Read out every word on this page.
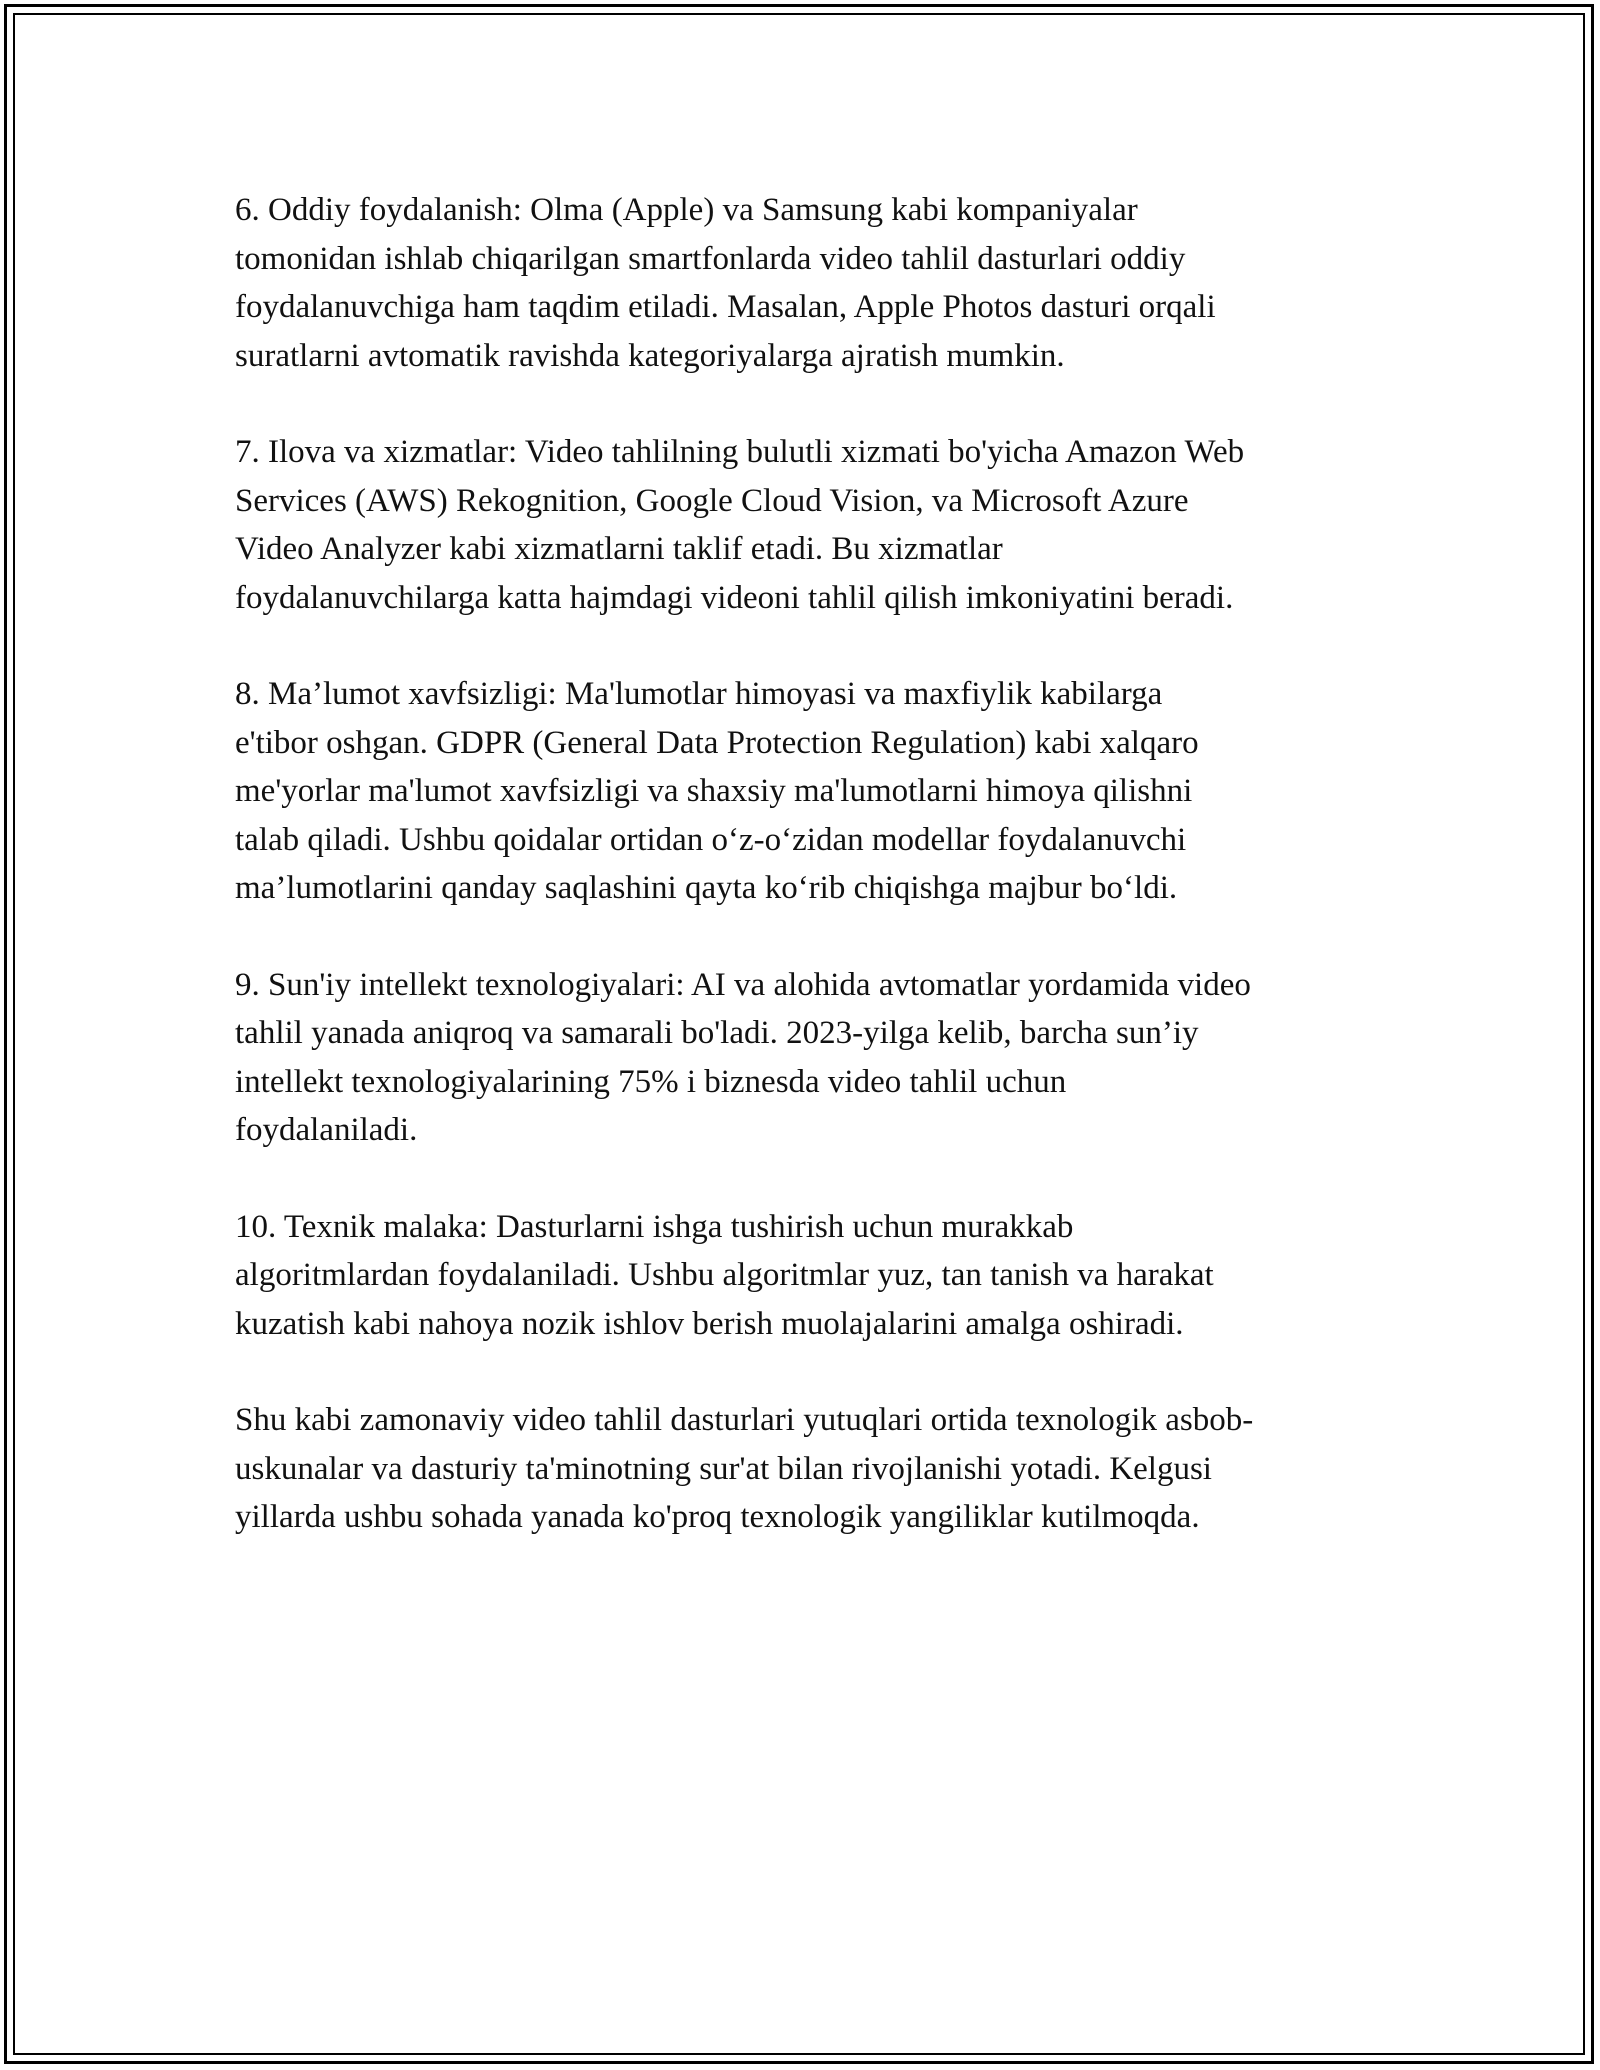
6. Oddiy foydalanish: Olma (Apple) va Samsung kabi kompaniyalar
tomonidan ishlab chiqarilgan smartfonlarda video tahlil dasturlari oddiy
foydalanuvchiga ham taqdim etiladi. Masalan, Apple Photos dasturi orqali
suratlarni avtomatik ravishda kategoriyalarga ajratish mumkin.

7. Ilova va xizmatlar: Video tahlilning bulutli xizmati bo'yicha Amazon Web
Services (AWS) Rekognition, Google Cloud Vision, va Microsoft Azure
Video Analyzer kabi xizmatlarni taklif etadi. Bu xizmatlar
foydalanuvchilarga katta hajmdagi videoni tahlil qilish imkoniyatini beradi.

8. Ma’lumot xavfsizligi: Ma'lumotlar himoyasi va maxfiylik kabilarga
e'tibor oshgan. GDPR (General Data Protection Regulation) kabi xalqaro
me'yorlar ma'lumot xavfsizligi va shaxsiy ma'lumotlarni himoya qilishni
talab qiladi. Ushbu qoidalar ortidan o‘z-o‘zidan modellar foydalanuvchi
ma’lumotlarini qanday saqlashini qayta ko‘rib chiqishga majbur bo‘ldi.

9. Sun'iy intellekt texnologiyalari: AI va alohida avtomatlar yordamida video
tahlil yanada aniqroq va samarali bo'ladi. 2023-yilga kelib, barcha sun’iy
intellekt texnologiyalarining 75% i biznesda video tahlil uchun
foydalaniladi.

10. Texnik malaka: Dasturlarni ishga tushirish uchun murakkab
algoritmlardan foydalaniladi. Ushbu algoritmlar yuz, tan tanish va harakat
kuzatish kabi nahoya nozik ishlov berish muolajalarini amalga oshiradi.

Shu kabi zamonaviy video tahlil dasturlari yutuqlari ortida texnologik asbob-
uskunalar va dasturiy ta'minotning sur'at bilan rivojlanishi yotadi. Kelgusi
yillarda ushbu sohada yanada ko'proq texnologik yangiliklar kutilmoqda.
